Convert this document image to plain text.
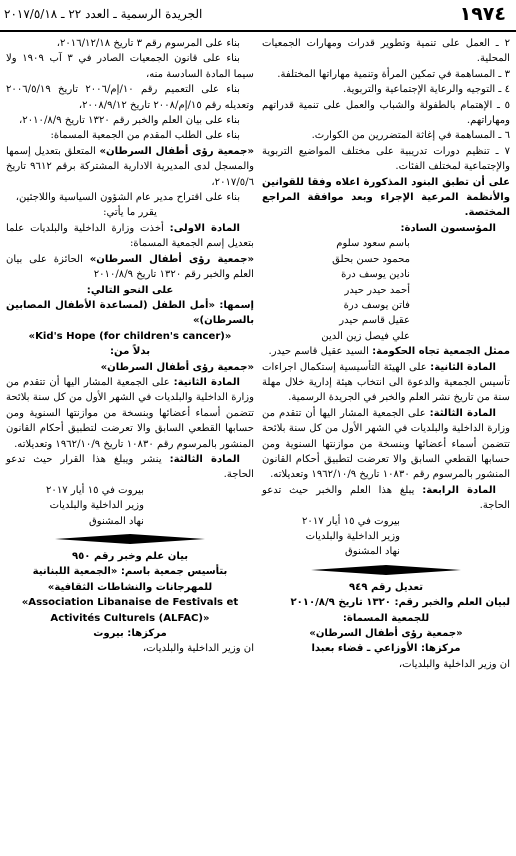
١٩٧٤
الجريدة الرسمية ـ العدد ٢٢ ـ ٢٠١٧/٥/١٨

٢ ـ العمل على تنمية وتطوير قدرات ومهارات الجمعيات المحلية.

٣ ـ المساهمة في تمكين المرأة وتنمية مهاراتها المختلفة.

٤ ـ التوجيه والرعاية الإجتماعية والتربوية.

٥ ـ الإهتمام بالطفولة والشباب والعمل على تنمية قدراتهم ومهاراتهم.

٦ ـ المساهمة في إغاثة المتضررين من الكوارث.

٧ ـ تنظيم دورات تدريبية على مختلف المواضيع التربوية والإجتماعية لمختلف الفئات.

على أن تطبق البنود المذكورة اعلاه وفقا للقوانين والأنظمة المرعية الإجراء وبعد موافقة المراجع المختصة.

المؤسسون السادة:

باسم سعود سلوم

محمود حسن بحلق

نادين يوسف درة

أحمد حيدر حيدر

فاتن يوسف درة

عقيل قاسم حيدر

علي فيصل زين الدين

ممثل الجمعية تجاه الحكومة: السيد عقيل قاسم حيدر.

المادة الثانية: على الهيئة التأسيسية إستكمال اجراءات تأسيس الجمعية والدعوة الى انتخاب هيئة إدارية خلال مهلة سنة من تاريخ نشر العلم والخبر في الجريدة الرسمية.

المادة الثالثة: على الجمعية المشار اليها أن تتقدم من وزارة الداخلية والبلديات في الشهر الأول من كل سنة بلائحة تتضمن أسماء أعضائها وبنسخة من موازنتها السنوية ومن حسابها القطعي السابق والا تعرضت لتطبيق أحكام القانون المنشور بالمرسوم رقم ١٠٨٣٠ تاريخ ١٩٦٢/١٠/٩ وتعديلاته.

المادة الرابعة: يبلغ هذا العلم والخبر حيث تدعو الحاجة.

بيروت في ١٥ أيار ٢٠١٧

وزير الداخلية والبلديات

نهاد المشنوق

تعديل رقم ٩٤٩

لبيان العلم والخبر رقم: ١٣٢٠ تاريخ ٢٠١٠/٨/٩

للجمعية المسماة:

«جمعية رؤى أطفال السرطان»

مركزها: الأوزاعي ـ قضاء بعبدا

ان وزير الداخلية والبلديات،

بناء على المرسوم رقم ٣ تاريخ ٢٠١٦/١٢/١٨،

بناء على قانون الجمعيات الصادر في ٣ آب ١٩٠٩ ولا سيما المادة السادسة منه،

بناء على التعميم رقم ١٠/إم/٢٠٠٦ تاريخ ٢٠٠٦/٥/١٩ وتعديله رقم ١٥/إم/٢٠٠٨ تاريخ ٢٠٠٨/٩/١٢،

بناء على بيان العلم والخبر رقم ١٣٢٠ تاريخ ٢٠١٠/٨/٩،

بناء على الطلب المقدم من الجمعية المسماة:

«جمعية رؤى أطفال السرطان» المتعلق بتعديل إسمها والمسجل لدى المديرية الادارية المشتركة برقم ٩٦١٢ تاريخ ٢٠١٧/٥/٦،

بناء على اقتراح مدير عام الشؤون السياسية واللاجئين،

يقرر ما يأتي:

المادة الاولى: أخذت وزارة الداخلية والبلديات علما بتعديل إسم الجمعية المسماة:

«جمعية رؤى أطفال السرطان» الحائزة على بيان العلم والخبر رقم ١٣٢٠ تاريخ ٢٠١٠/٨/٩

على النحو التالي:

إسمها: «أمل الطفل (لمساعدة الأطفال المصابين بالسرطان)»

«Kid's Hope (for children's cancer)»

بدلاً من:

«جمعية رؤى أطفال السرطان»

المادة الثانية: على الجمعية المشار اليها أن تتقدم من وزارة الداخلية والبلديات في الشهر الأول من كل سنة بلائحة تتضمن أسماء أعضائها وبنسخة من موازنتها السنوية ومن حسابها القطعي السابق والا تعرضت لتطبيق أحكام القانون المنشور بالمرسوم رقم ١٠٨٣٠ تاريخ ١٩٦٢/١٠/٩ وتعديلاته.

المادة الثالثة: ينشر ويبلغ هذا القرار حيث تدعو الحاجة.

بيروت في ١٥ أيار ٢٠١٧

وزير الداخلية والبلديات

نهاد المشنوق

بيان علم وخبر رقم ٩٥٠

بتأسيس جمعية باسم: «الجمعية اللبنانية للمهرجانات والنشاطات الثقافية»

«Association Libanaise de Festivals et Activités Culturels (ALFAC)»

مركزها: بيروت

ان وزير الداخلية والبلديات،
